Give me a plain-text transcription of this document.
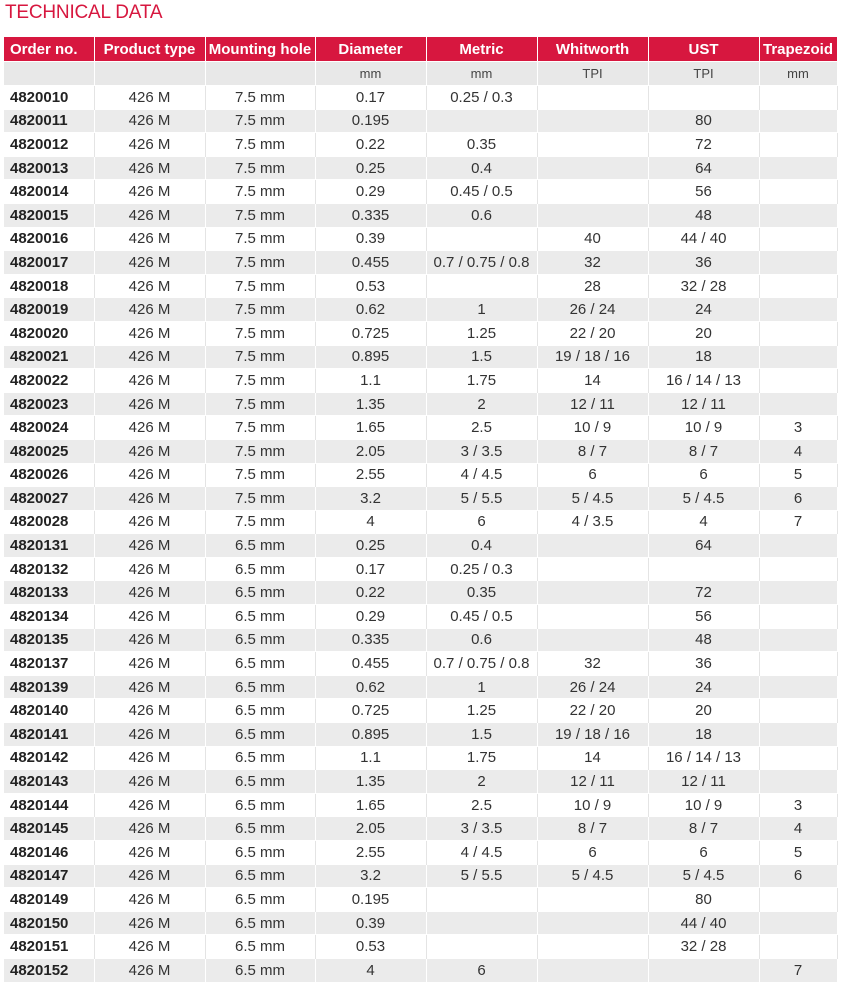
TECHNICAL DATA
Order no.	Product type	Mounting hole	Diameter	Metric	Whitworth	UST	Trapezoid
			mm	mm	TPI	TPI	mm
4820010	426 M	7.5 mm	0.17	0.25 / 0.3			
4820011	426 M	7.5 mm	0.195			80	
4820012	426 M	7.5 mm	0.22	0.35		72	
4820013	426 M	7.5 mm	0.25	0.4		64	
4820014	426 M	7.5 mm	0.29	0.45 / 0.5		56	
4820015	426 M	7.5 mm	0.335	0.6		48	
4820016	426 M	7.5 mm	0.39		40	44 / 40	
4820017	426 M	7.5 mm	0.455	0.7 / 0.75 / 0.8	32	36	
4820018	426 M	7.5 mm	0.53		28	32 / 28	
4820019	426 M	7.5 mm	0.62	1	26 / 24	24	
4820020	426 M	7.5 mm	0.725	1.25	22 / 20	20	
4820021	426 M	7.5 mm	0.895	1.5	19 / 18 / 16	18	
4820022	426 M	7.5 mm	1.1	1.75	14	16 / 14 / 13	
4820023	426 M	7.5 mm	1.35	2	12 / 11	12 / 11	
4820024	426 M	7.5 mm	1.65	2.5	10 / 9	10 / 9	3
4820025	426 M	7.5 mm	2.05	3 / 3.5	8 / 7	8 / 7	4
4820026	426 M	7.5 mm	2.55	4 / 4.5	6	6	5
4820027	426 M	7.5 mm	3.2	5 / 5.5	5 / 4.5	5 / 4.5	6
4820028	426 M	7.5 mm	4	6	4 / 3.5	4	7
4820131	426 M	6.5 mm	0.25	0.4		64	
4820132	426 M	6.5 mm	0.17	0.25 / 0.3			
4820133	426 M	6.5 mm	0.22	0.35		72	
4820134	426 M	6.5 mm	0.29	0.45 / 0.5		56	
4820135	426 M	6.5 mm	0.335	0.6		48	
4820137	426 M	6.5 mm	0.455	0.7 / 0.75 / 0.8	32	36	
4820139	426 M	6.5 mm	0.62	1	26 / 24	24	
4820140	426 M	6.5 mm	0.725	1.25	22 / 20	20	
4820141	426 M	6.5 mm	0.895	1.5	19 / 18 / 16	18	
4820142	426 M	6.5 mm	1.1	1.75	14	16 / 14 / 13	
4820143	426 M	6.5 mm	1.35	2	12 / 11	12 / 11	
4820144	426 M	6.5 mm	1.65	2.5	10 / 9	10 / 9	3
4820145	426 M	6.5 mm	2.05	3 / 3.5	8 / 7	8 / 7	4
4820146	426 M	6.5 mm	2.55	4 / 4.5	6	6	5
4820147	426 M	6.5 mm	3.2	5 / 5.5	5 / 4.5	5 / 4.5	6
4820149	426 M	6.5 mm	0.195			80	
4820150	426 M	6.5 mm	0.39			44 / 40	
4820151	426 M	6.5 mm	0.53			32 / 28	
4820152	426 M	6.5 mm	4	6			7
